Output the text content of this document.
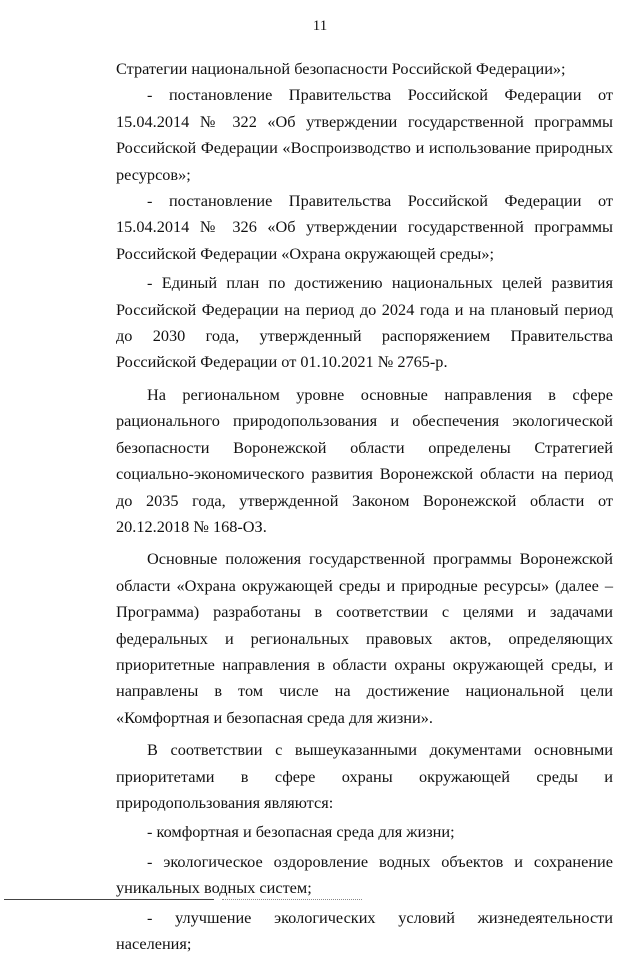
11

Стратегии национальной безопасности Российской Федерации»;

- постановление Правительства Российской Федерации от 15.04.2014 № 322 «Об утверждении государственной программы Российской Федерации «Воспроизводство и использование природных ресурсов»;

- постановление Правительства Российской Федерации от 15.04.2014 № 326 «Об утверждении государственной программы Российской Федерации «Охрана окружающей среды»;

- Единый план по достижению национальных целей развития Российской Федерации на период до 2024 года и на плановый период до 2030 года, утвержденный распоряжением Правительства Российской Федерации от 01.10.2021 № 2765-р.

На региональном уровне основные направления в сфере рационального природопользования и обеспечения экологической безопасности Воронежской области определены Стратегией социально-экономического развития Воронежской области на период до 2035 года, утвержденной Законом Воронежской области от 20.12.2018 № 168-ОЗ.

Основные положения государственной программы Воронежской области «Охрана окружающей среды и природные ресурсы» (далее – Программа) разработаны в соответствии с целями и задачами федеральных и региональных правовых актов, определяющих приоритетные направления в области охраны окружающей среды, и направлены в том числе на достижение национальной цели «Комфортная и безопасная среда для жизни».

В соответствии с вышеуказанными документами основными приоритетами в сфере охраны окружающей среды и природопользования являются:

- комфортная и безопасная среда для жизни;

- экологическое оздоровление водных объектов и сохранение уникальных водных систем;

- улучшение экологических условий жизнедеятельности населения;
